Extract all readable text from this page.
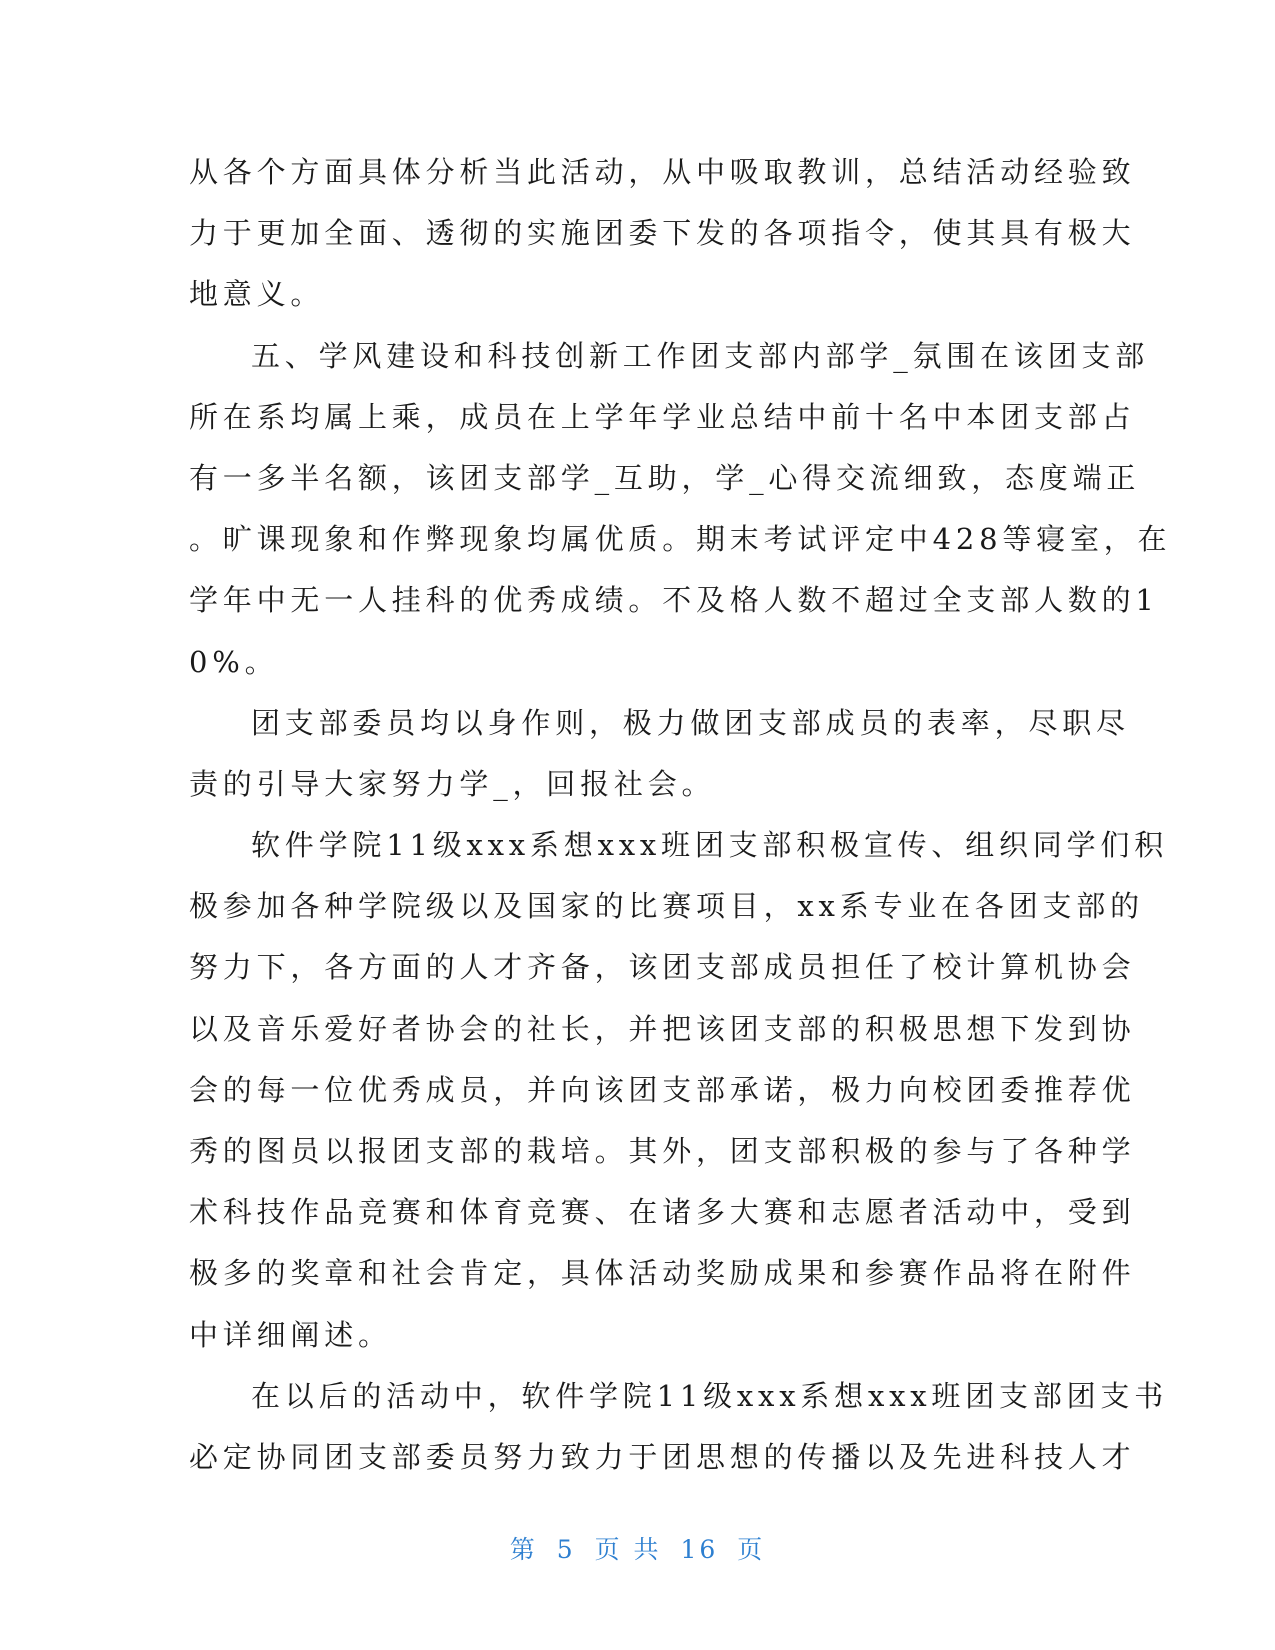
从各个方面具体分析当此活动，从中吸取教训，总结活动经验致
力于更加全面、透彻的实施团委下发的各项指令，使其具有极大
地意义。
五、学风建设和科技创新工作团支部内部学_氛围在该团支部
所在系均属上乘，成员在上学年学业总结中前十名中本团支部占
有一多半名额，该团支部学_互助，学_心得交流细致，态度端正
。旷课现象和作弊现象均属优质。期末考试评定中428等寝室，在
学年中无一人挂科的优秀成绩。不及格人数不超过全支部人数的1
0%。
团支部委员均以身作则，极力做团支部成员的表率，尽职尽
责的引导大家努力学_，回报社会。
软件学院11级xxx系想xxx班团支部积极宣传、组织同学们积
极参加各种学院级以及国家的比赛项目，xx系专业在各团支部的
努力下，各方面的人才齐备，该团支部成员担任了校计算机协会
以及音乐爱好者协会的社长，并把该团支部的积极思想下发到协
会的每一位优秀成员，并向该团支部承诺，极力向校团委推荐优
秀的图员以报团支部的栽培。其外，团支部积极的参与了各种学
术科技作品竞赛和体育竞赛、在诸多大赛和志愿者活动中，受到
极多的奖章和社会肯定，具体活动奖励成果和参赛作品将在附件
中详细阐述。
在以后的活动中，软件学院11级xxx系想xxx班团支部团支书
必定协同团支部委员努力致力于团思想的传播以及先进科技人才
第 5 页 共 16 页
